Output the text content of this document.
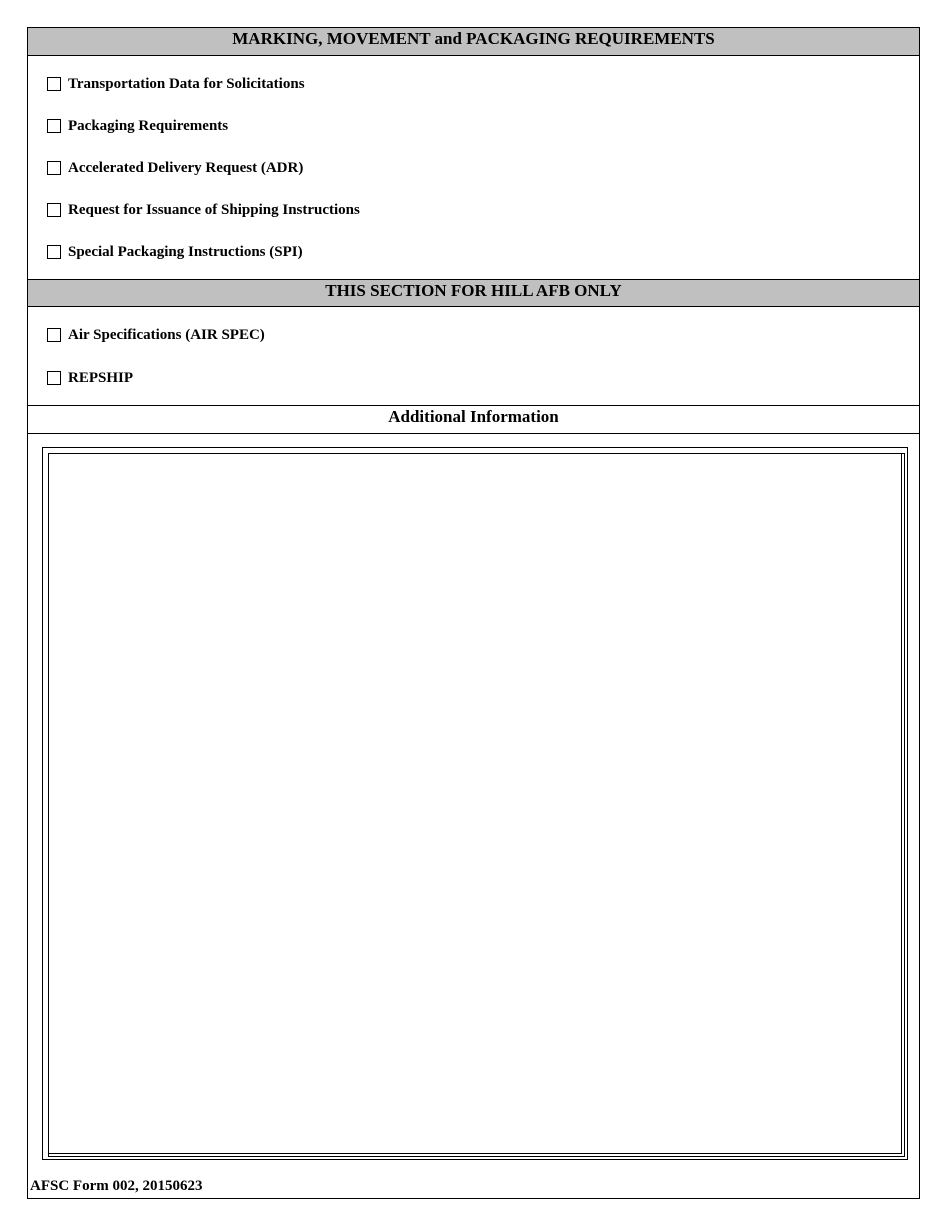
MARKING, MOVEMENT and PACKAGING REQUIREMENTS
Transportation Data for Solicitations
Packaging Requirements
Accelerated Delivery Request (ADR)
Request for Issuance of Shipping Instructions
Special Packaging Instructions (SPI)
THIS SECTION FOR HILL AFB ONLY
Air Specifications (AIR SPEC)
REPSHIP
Additional Information
AFSC Form 002, 20150623
